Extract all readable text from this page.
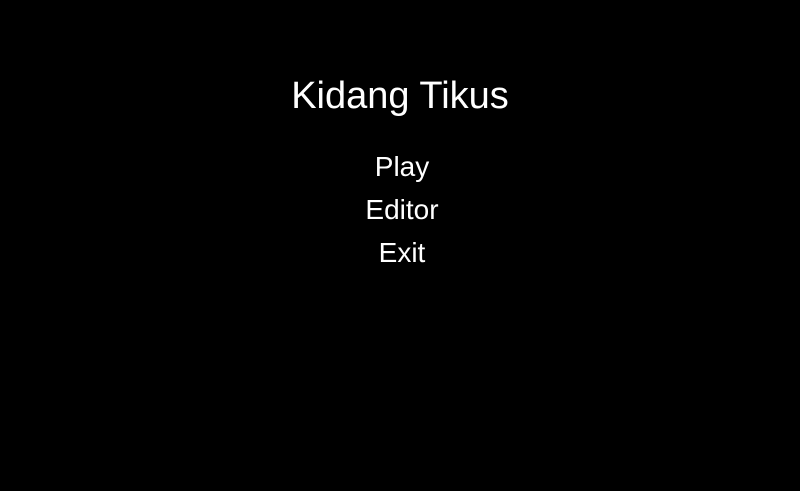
Kidang Tikus
Play
Editor
Exit
